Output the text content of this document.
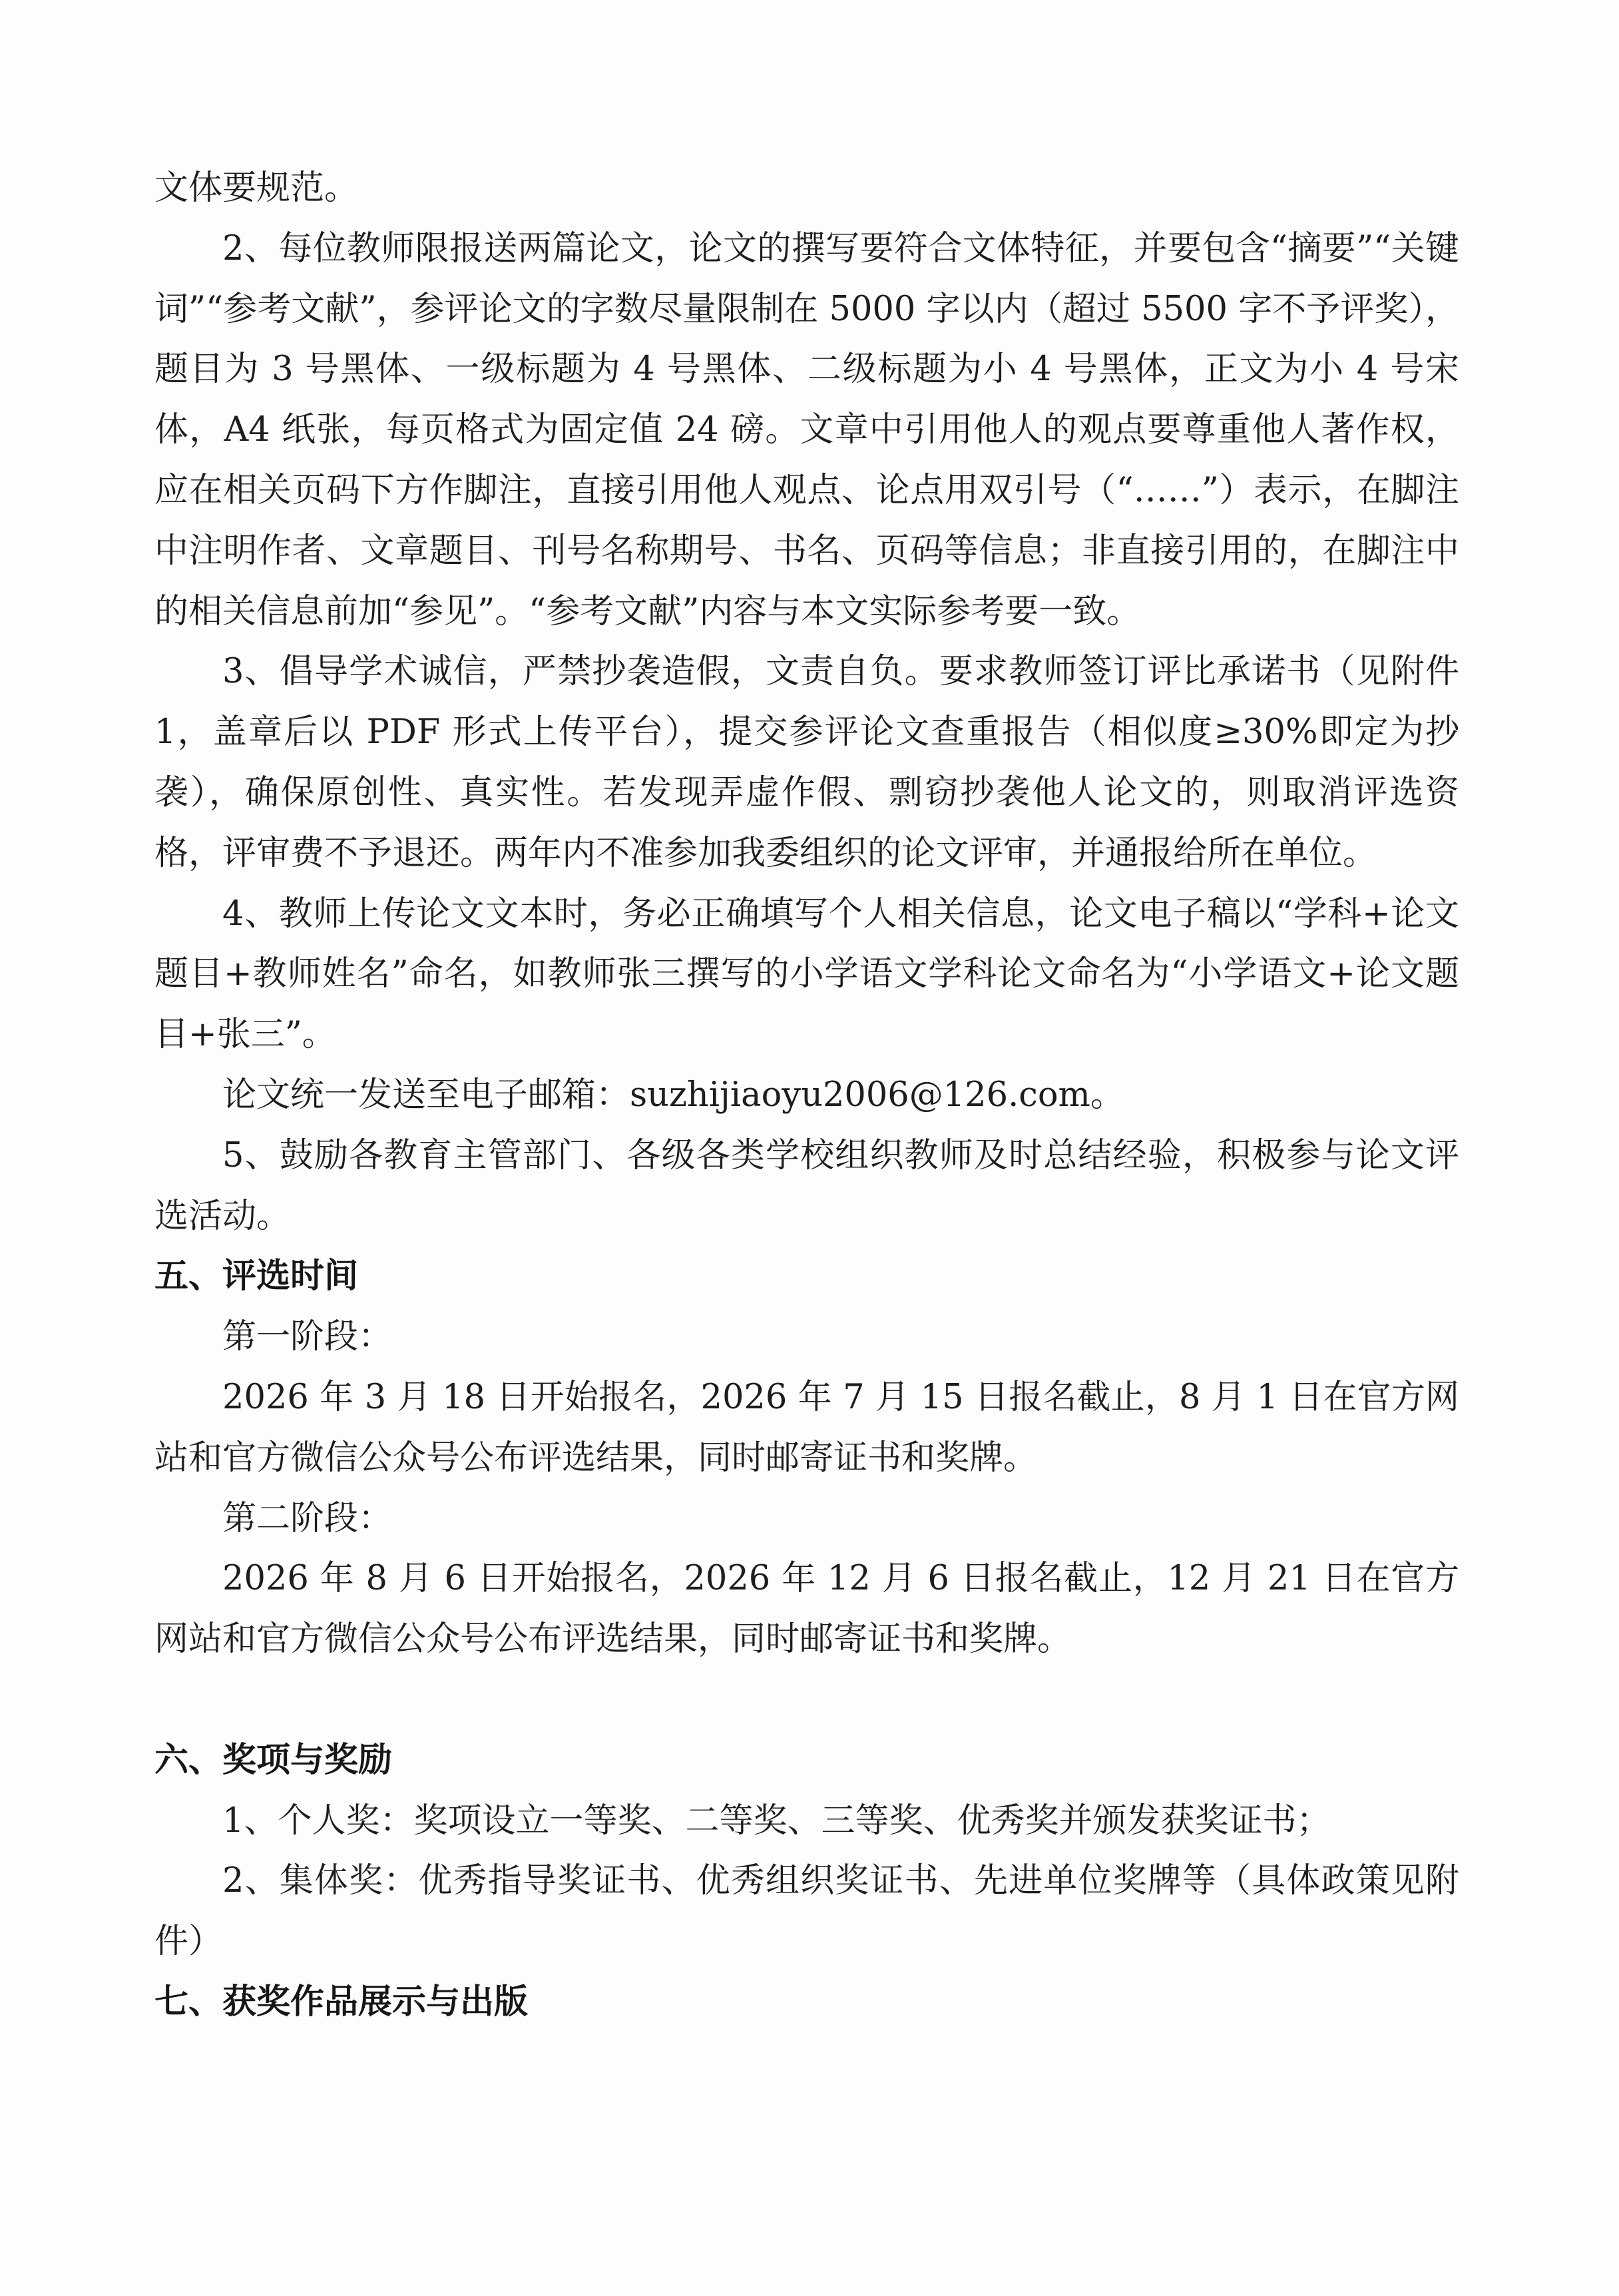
文体要规范。

2、每位教师限报送两篇论文，论文的撰写要符合文体特征，并要包含“摘要”“关键词”“参考文献”，参评论文的字数尽量限制在 5000 字以内（超过 5500 字不予评奖），题目为 3 号黑体、一级标题为 4 号黑体、二级标题为小 4 号黑体，正文为小 4 号宋体，A4 纸张，每页格式为固定值 24 磅。文章中引用他人的观点要尊重他人著作权，应在相关页码下方作脚注，直接引用他人观点、论点用双引号（“……”）表示，在脚注中注明作者、文章题目、刊号名称期号、书名、页码等信息；非直接引用的，在脚注中的相关信息前加“参见”。“参考文献”内容与本文实际参考要一致。

3、倡导学术诚信，严禁抄袭造假，文责自负。要求教师签订评比承诺书（见附件 1，盖章后以 PDF 形式上传平台），提交参评论文查重报告（相似度≥30%即定为抄袭），确保原创性、真实性。若发现弄虚作假、剽窃抄袭他人论文的，则取消评选资格，评审费不予退还。两年内不准参加我委组织的论文评审，并通报给所在单位。

4、教师上传论文文本时，务必正确填写个人相关信息，论文电子稿以“学科+论文题目+教师姓名”命名，如教师张三撰写的小学语文学科论文命名为“小学语文+论文题目+张三”。

论文统一发送至电子邮箱：suzhijiaoyu2006@126.com。

5、鼓励各教育主管部门、各级各类学校组织教师及时总结经验，积极参与论文评选活动。

五、评选时间

第一阶段：

2026 年 3 月 18 日开始报名，2026 年 7 月 15 日报名截止，8 月 1 日在官方网站和官方微信公众号公布评选结果，同时邮寄证书和奖牌。

第二阶段：

2026 年 8 月 6 日开始报名，2026 年 12 月 6 日报名截止，12 月 21 日在官方网站和官方微信公众号公布评选结果，同时邮寄证书和奖牌。

六、奖项与奖励

1、个人奖：奖项设立一等奖、二等奖、三等奖、优秀奖并颁发获奖证书；

2、集体奖：优秀指导奖证书、优秀组织奖证书、先进单位奖牌等（具体政策见附件）

七、获奖作品展示与出版
